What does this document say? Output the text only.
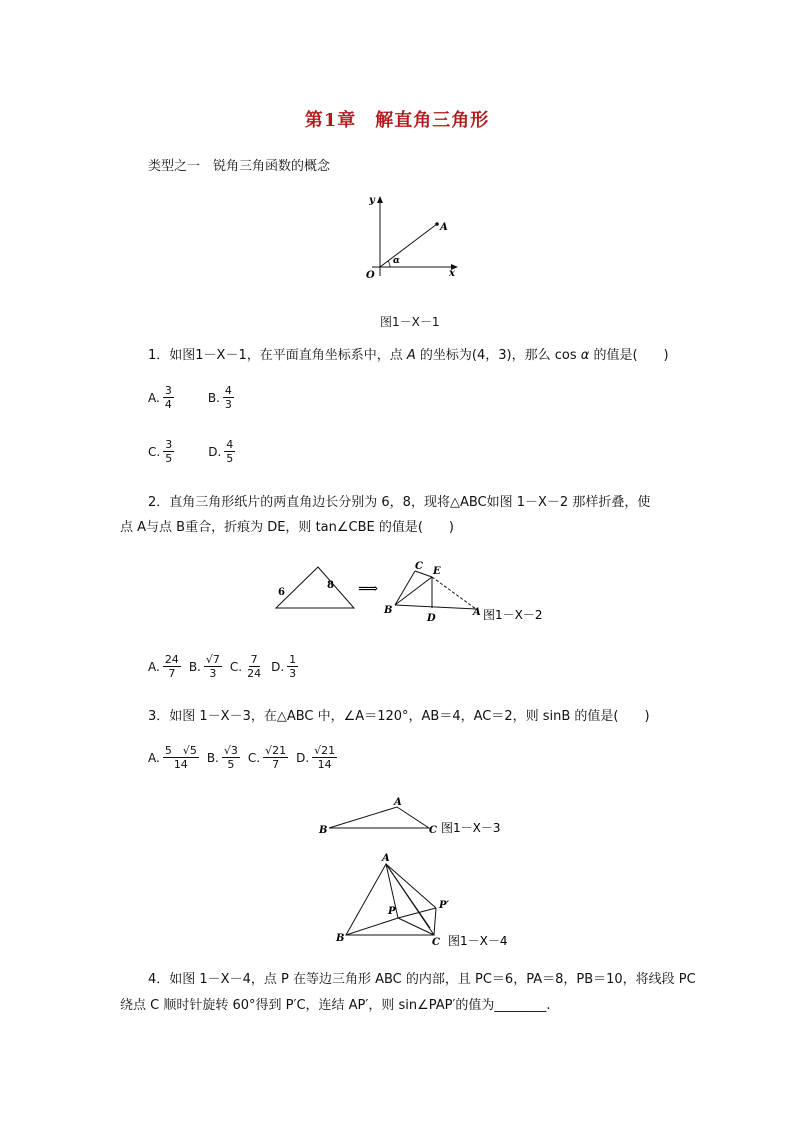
第1章　解直角三角形
类型之一　锐角三角函数的概念
y
x
O
A
α
图1－X－1
1．如图1－X－1，在平面直角坐标系中，点 A 的坐标为(4，3)，那么 cos α 的值是(　　)
A. $\frac{3}{4}$	B. $\frac{4}{3}$
C. $\frac{3}{5}$	D. $\frac{4}{5}$
2．直角三角形纸片的两直角边长分别为 6，8，现将△ABC如图 1－X－2 那样折叠，使
点 A与点 B重合，折痕为 DE，则 tan∠CBE 的值是(　　)
6
8 ⟹
C E
B
D
A 图1－X－2
A. $\frac{24}{7} B$. $\frac{√7}{3} C$. $\frac{7}{24} D$. $\frac{1}{3}$
3．如图 1－X－3，在△ABC 中，∠A＝120°，AB＝4，AC＝2，则 sinB 的值是(　　)
A. $\frac{5 √5}{14} B$. $\frac{√3}{5} C$. $\frac{√21}{7} D$. $\frac{√21}{14}$
A
B	C 图1－X－3
A
B	C
P
P′
图1－X－4
4．如图 1－X－4，点 P 在等边三角形 ABC 的内部，且 PC＝6，PA＝8，PB＝10，将线段 PC
绕点 C 顺时针旋转 60°得到 P′C，连结 AP′，则 sin∠PAP′的值为________.
